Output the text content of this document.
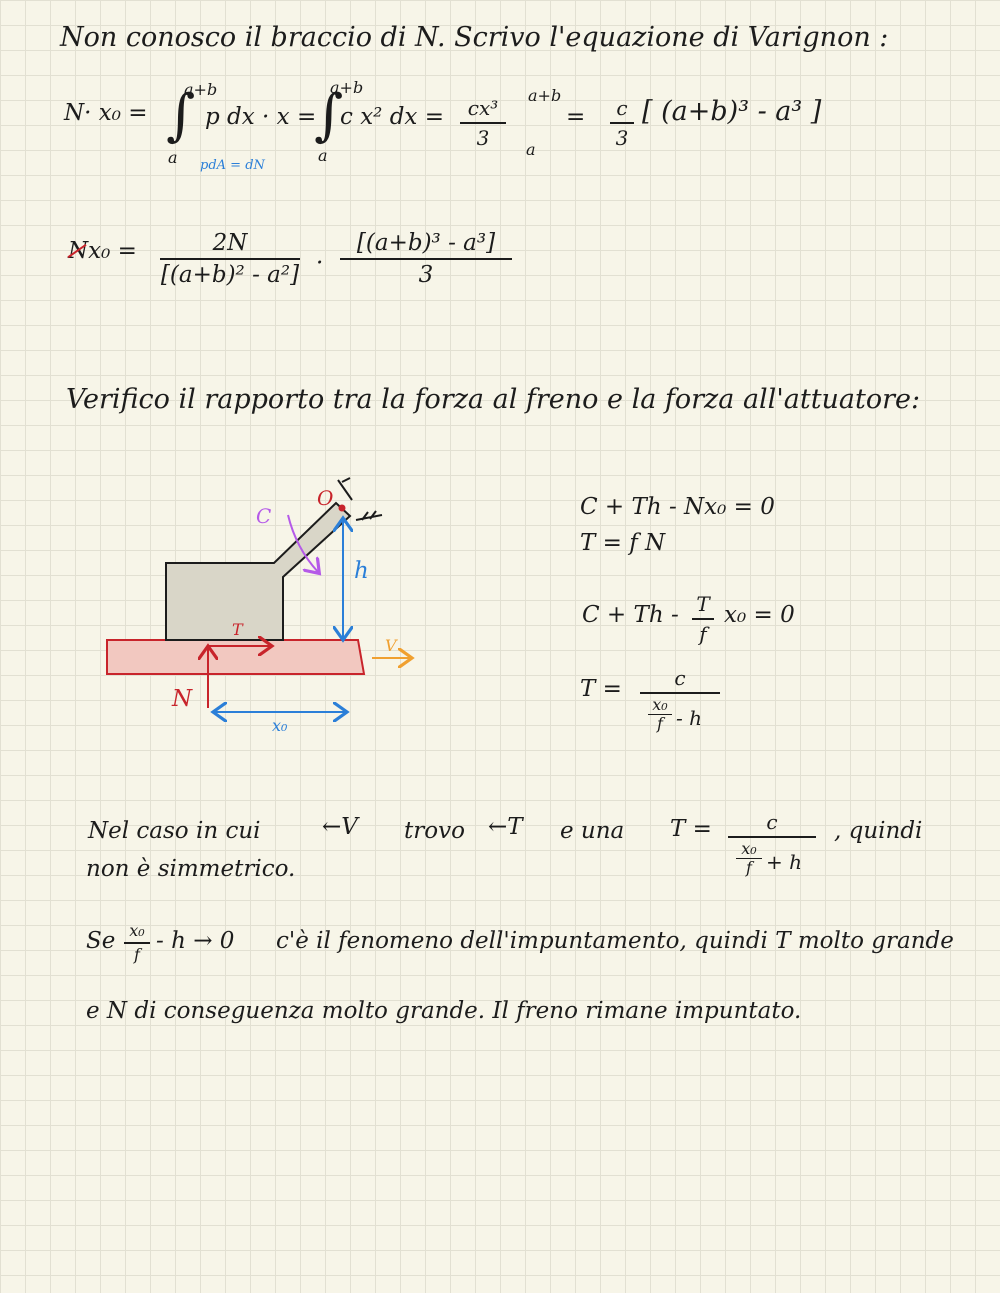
Non conosco il braccio di N. Scrivo l'equazione di Varignon :
N· x₀ = ∫
a+b
a
p dx · x =
pdA = dN
∫
a+b
a
c x² dx =	cx³
3
a+b
a
=	c
3
[ (a+b)³ - a³ ]
N
x₀ =	2N
[(a+b)² - a²] ·
[(a+b)³ - a³]
3
Verifico il rapporto tra la forza al freno e la forza all'attuatore:
O
C
h
T
V
N
x₀
C + Th - Nx₀ = 0
T = f N
C + Th - T
f
x₀ = 0
T =	c
x₀
f - h
Nel caso in cui	←V trovo ←T e una T =	c
x₀
f + h
, quindi
non è simmetrico.
Se x₀
f
- h → 0 c'è il fenomeno dell'impuntamento, quindi T molto grande
e N di conseguenza molto grande. Il freno rimane impuntato.
